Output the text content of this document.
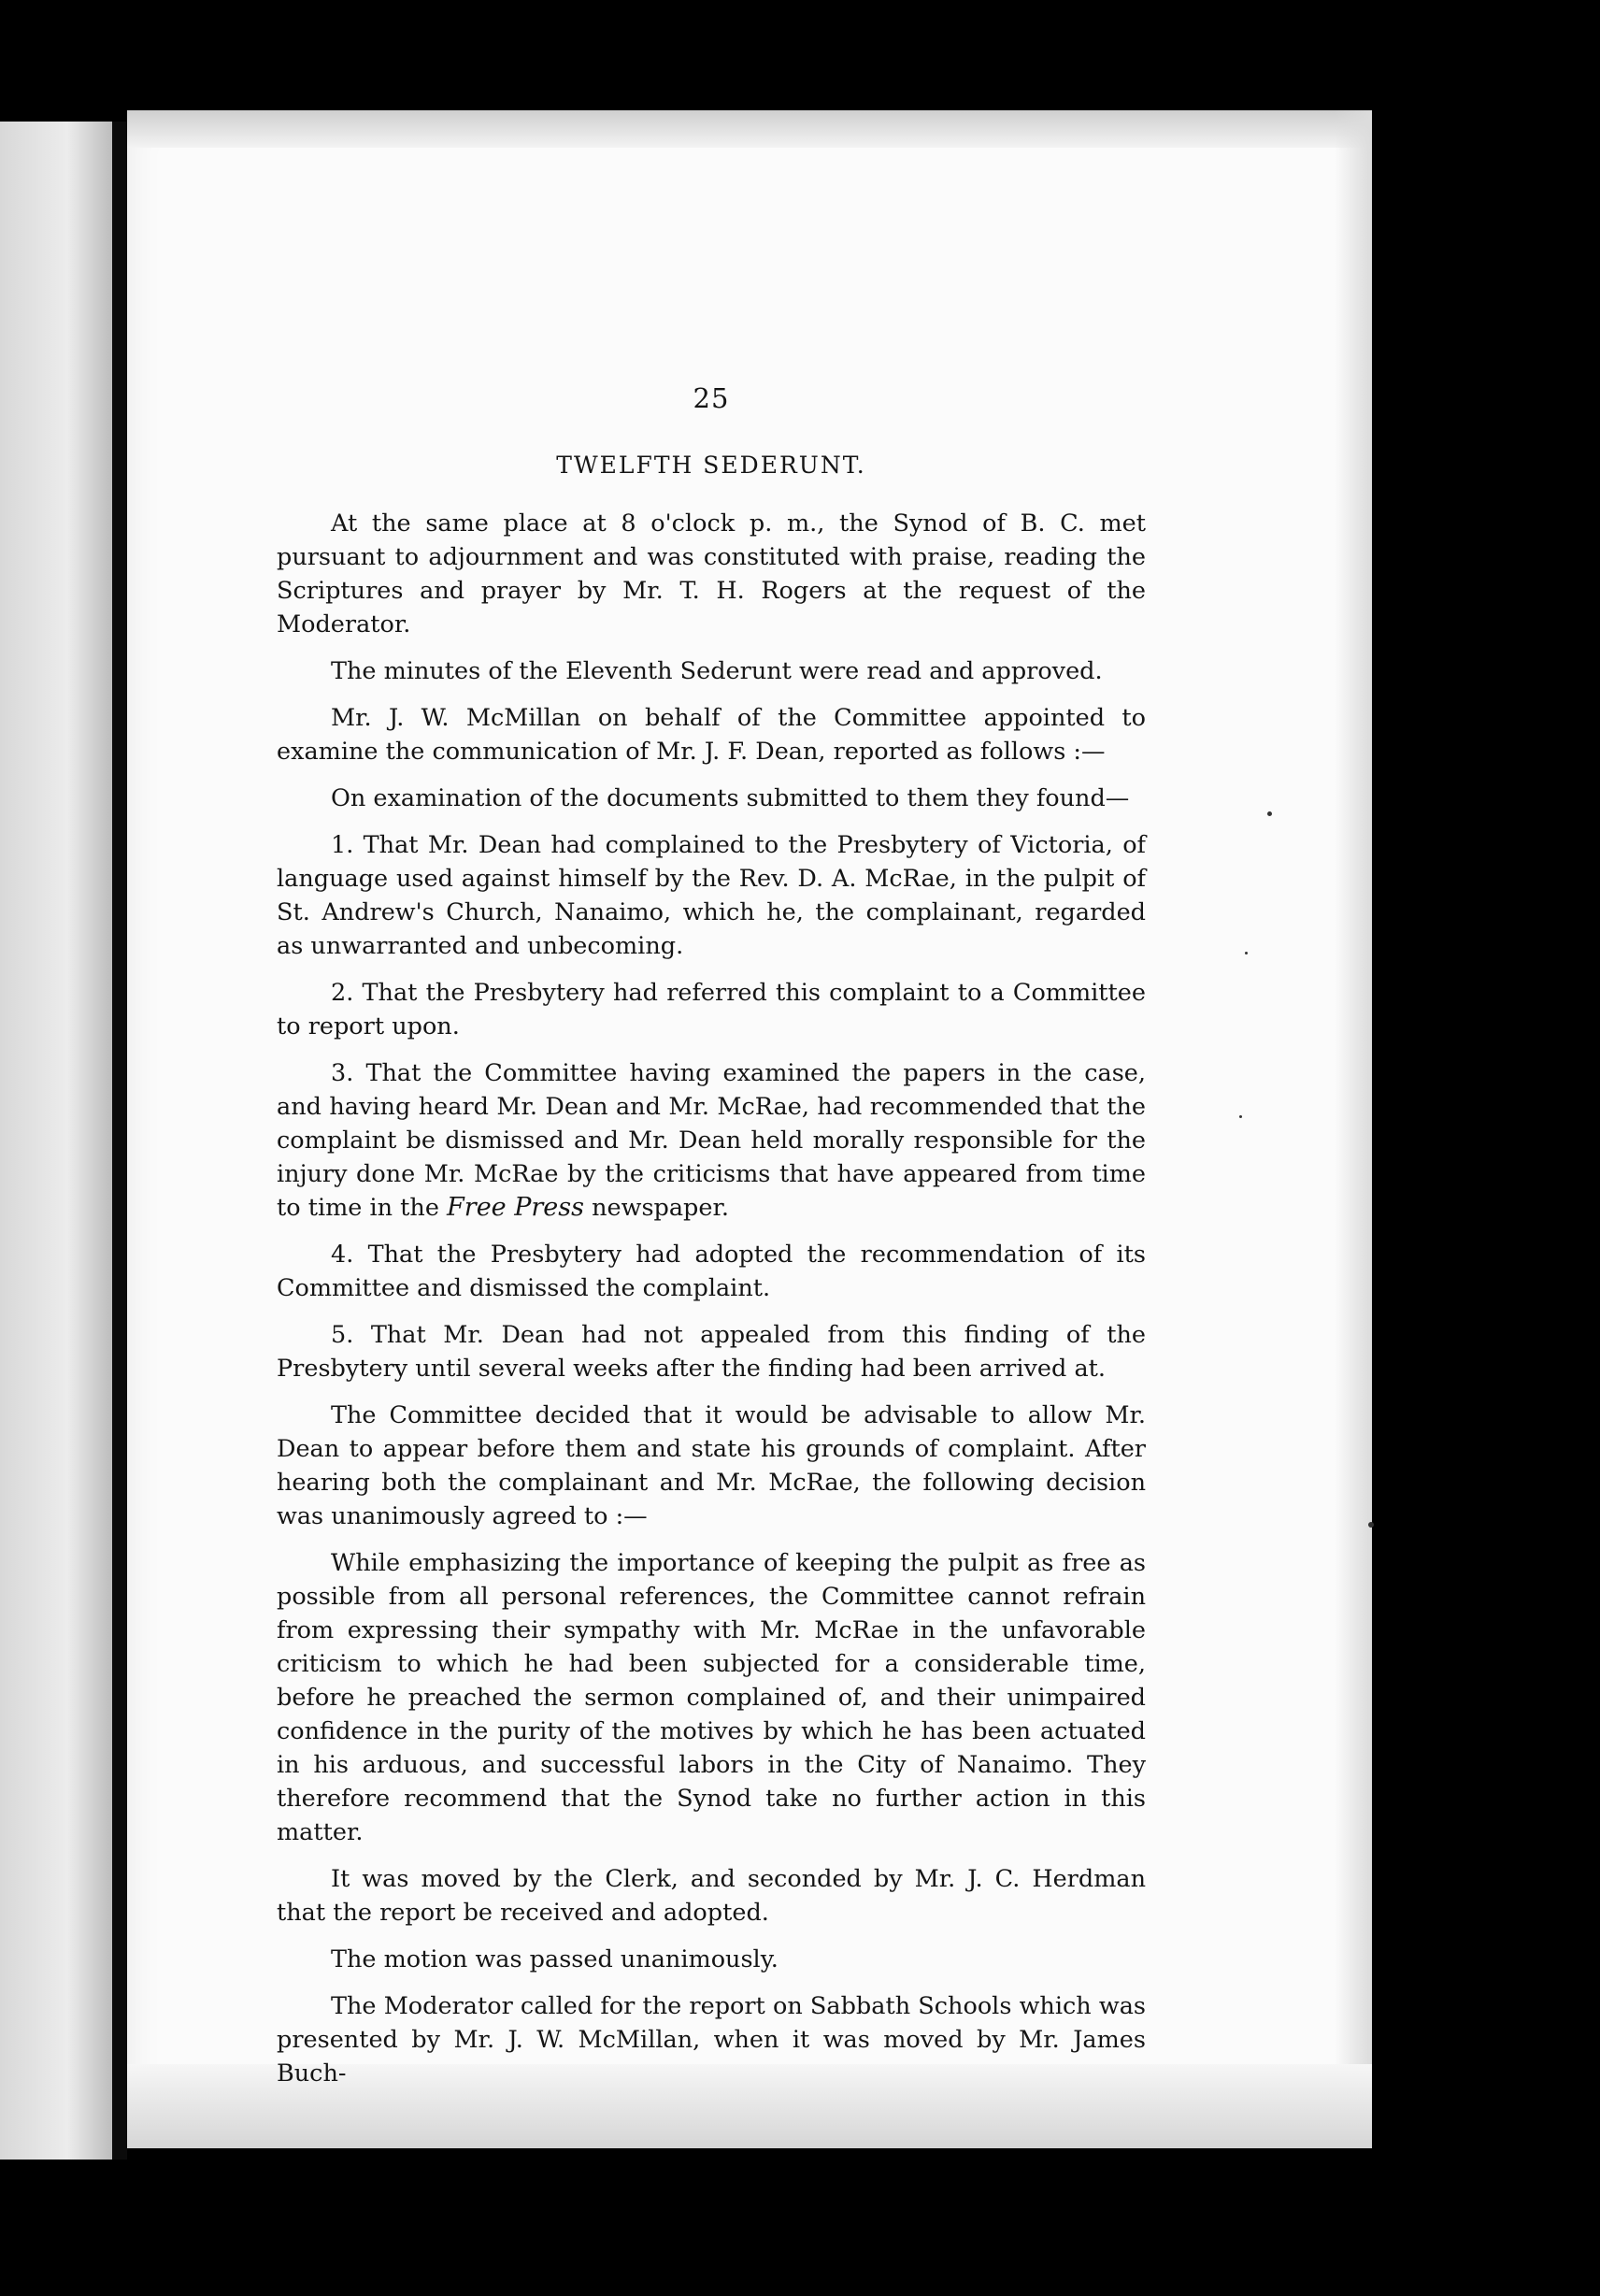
25
TWELFTH SEDERUNT.

At the same place at 8 o'clock p. m., the Synod of B. C. met pursuant to adjournment and was constituted with praise, reading the Scriptures and prayer by Mr. T. H. Rogers at the request of the Moderator.

The minutes of the Eleventh Sederunt were read and approved.

Mr. J. W. McMillan on behalf of the Committee appointed to examine the communication of Mr. J. F. Dean, reported as follows :—

On examination of the documents submitted to them they found—

1. That Mr. Dean had complained to the Presbytery of Victoria, of language used against himself by the Rev. D. A. McRae, in the pulpit of St. Andrew's Church, Nanaimo, which he, the complainant, regarded as unwarranted and unbecoming.

2. That the Presbytery had referred this complaint to a Committee to report upon.

3. That the Committee having examined the papers in the case, and having heard Mr. Dean and Mr. McRae, had recommended that the complaint be dismissed and Mr. Dean held morally responsible for the injury done Mr. McRae by the criticisms that have appeared from time to time in the Free Press newspaper.

4. That the Presbytery had adopted the recommendation of its Committee and dismissed the complaint.

5. That Mr. Dean had not appealed from this finding of the Presbytery until several weeks after the finding had been arrived at.

The Committee decided that it would be advisable to allow Mr. Dean to appear before them and state his grounds of complaint. After hearing both the complainant and Mr. McRae, the following decision was unanimously agreed to :—

While emphasizing the importance of keeping the pulpit as free as possible from all personal references, the Committee cannot refrain from expressing their sympathy with Mr. McRae in the unfavorable criticism to which he had been subjected for a considerable time, before he preached the sermon complained of, and their unimpaired confidence in the purity of the motives by which he has been actuated in his arduous, and successful labors in the City of Nanaimo. They therefore recommend that the Synod take no further action in this matter.

It was moved by the Clerk, and seconded by Mr. J. C. Herdman that the report be received and adopted.

The motion was passed unanimously.

The Moderator called for the report on Sabbath Schools which was presented by Mr. J. W. McMillan, when it was moved by Mr. James Buch-
